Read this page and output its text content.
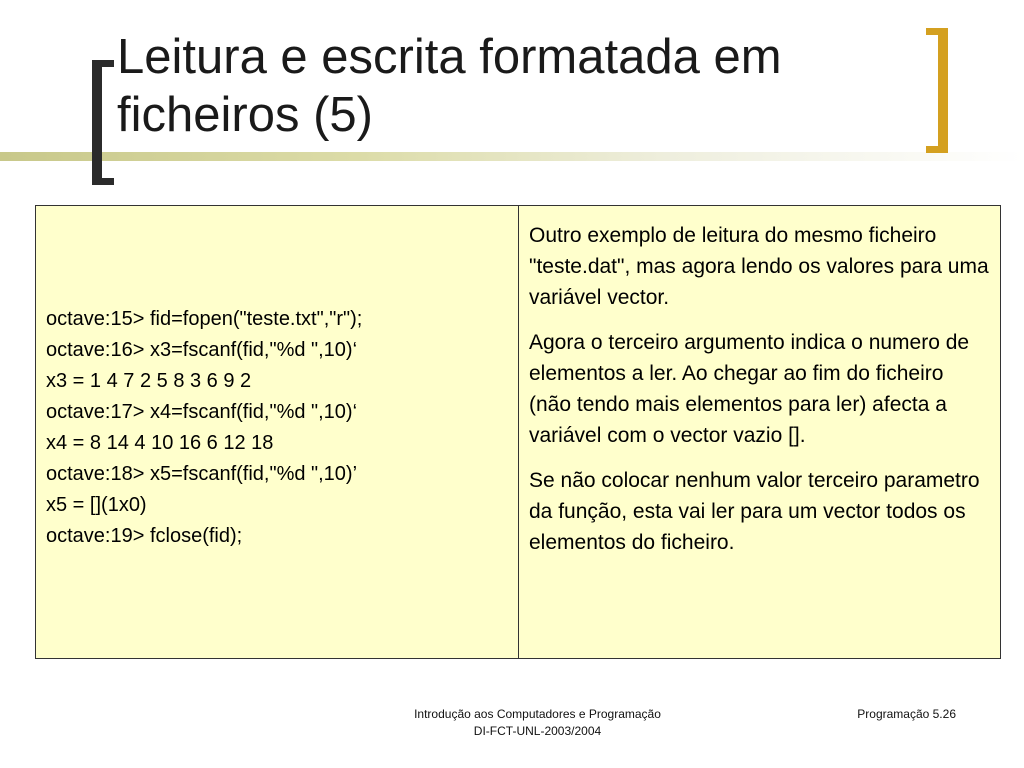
Leitura e escrita formatada em
ficheiros (5)
octave:15> fid=fopen("teste.txt","r");
octave:16> x3=fscanf(fid,"%d ",10)‘
x3 = 1 4 7 2 5 8 3 6 9 2
octave:17> x4=fscanf(fid,"%d ",10)‘
x4 = 8 14 4 10 16 6 12 18
octave:18> x5=fscanf(fid,"%d ",10)’
x5 = [](1x0)
octave:19> fclose(fid);

Outro exemplo de leitura do mesmo ficheiro "teste.dat", mas agora lendo os valores para uma variável vector.

Agora o terceiro argumento indica o numero de elementos a ler. Ao chegar ao fim do ficheiro (não tendo mais elementos para ler) afecta a variável com o vector vazio [].

Se não colocar nenhum valor terceiro parametro da função, esta vai ler para um vector todos os elementos do ficheiro.

Introdução aos Computadores e Programação
DI-FCT-UNL-2003/2004
Programação 5.26
